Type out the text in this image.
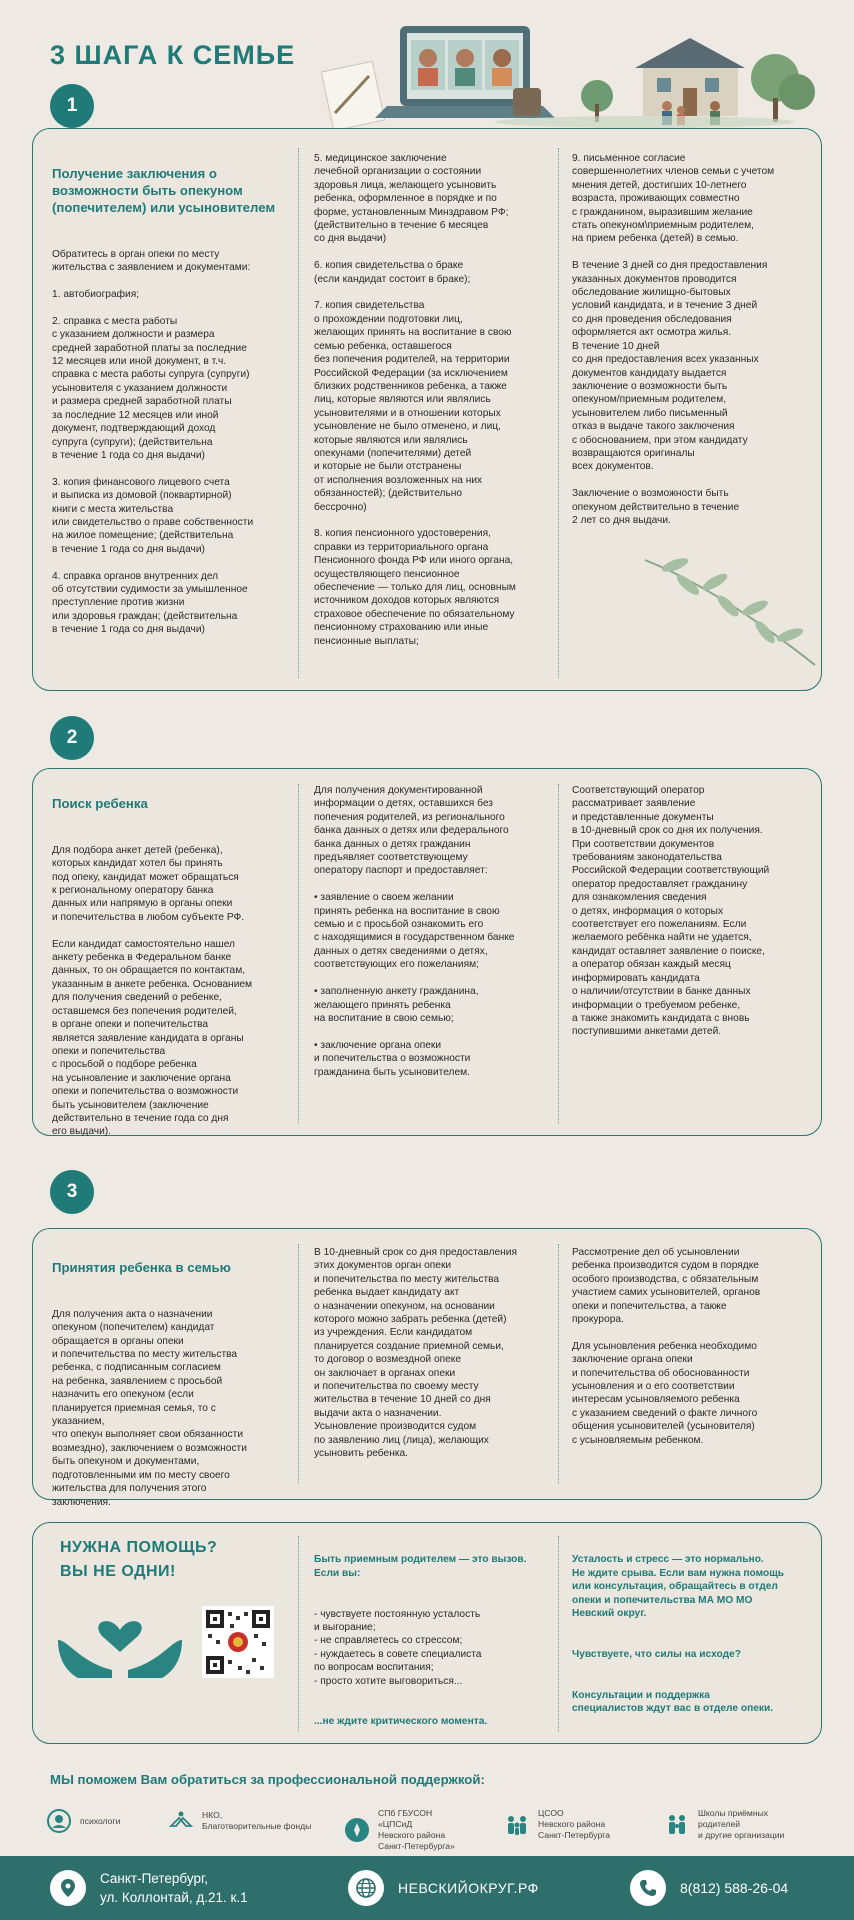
3 ШАГА К СЕМЬЕ
1

Получение заключения о возможности быть опекуном (попечителем) или усыновителем

Обратитесь в орган опеки по месту
жительства с заявлением и документами:

1. автобиография;

2. справка с места работы
с указанием должности и размера
средней заработной платы за последние
12 месяцев или иной документ, в т.ч.
справка с места работы супруга (супруги)
усыновителя с указанием должности
и размера средней заработной платы
за последние 12 месяцев или иной
документ, подтверждающий доход
супруга (супруги); (действительна
в течение 1 года со дня выдачи)

3. копия финансового лицевого счета
и выписка из домовой (поквартирной)
книги с места жительства
или свидетельство о праве собственности
на жилое помещение; (действительна
в течение 1 года со дня выдачи)

4. справка органов внутренних дел
об отсутствии судимости за умышленное
преступление против жизни
или здоровья граждан; (действительна
в течение 1 года со дня выдачи)

5. медицинское заключение
лечебной организации о состоянии
здоровья лица, желающего усыновить
ребенка, оформленное в порядке и по
форме, установленным Минздравом РФ;
(действительно в течение 6 месяцев
со дня выдачи)

6. копия свидетельства о браке
(если кандидат состоит в браке);

7. копия свидетельства
о прохождении подготовки лиц,
желающих принять на воспитание в свою
семью ребенка, оставшегося
без попечения родителей, на территории
Российской Федерации (за исключением
близких родственников ребенка, а также
лиц, которые являются или являлись
усыновителями и в отношении которых
усыновление не было отменено, и лиц,
которые являются или являлись
опекунами (попечителями) детей
и которые не были отстранены
от исполнения возложенных на них
обязанностей); (действительно
бессрочно)

8. копия пенсионного удостоверения,
справки из территориального органа
Пенсионного фонда РФ или иного органа,
осуществляющего пенсионное
обеспечение — только для лиц, основным
источником доходов которых являются
страховое обеспечение по обязательному
пенсионному страхованию или иные
пенсионные выплаты;
9. письменное согласие
совершеннолетних членов семьи с учетом
мнения детей, достигших 10-летнего
возраста, проживающих совместно
с гражданином, выразившим желание
стать опекуном\приемным родителем,
на прием ребенка (детей) в семью.

В течение 3 дней со дня предоставления
указанных документов проводится
обследование жилищно-бытовых
условий кандидата, и в течение 3 дней
со дня проведения обследования
оформляется акт осмотра жилья.
В течение 10 дней
со дня предоставления всех указанных
документов кандидату выдается
заключение о возможности быть
опекуном/приемным родителем,
усыновителем либо письменный
отказ в выдаче такого заключения
с обоснованием, при этом кандидату
возвращаются оригиналы
всех документов.

Заключение о возможности быть
опекуном действительно в течение
2 лет со дня выдачи.
2

Поиск ребенка

Для подбора анкет детей (ребенка),
которых кандидат хотел бы принять
под опеку, кандидат может обращаться
к региональному оператору банка
данных или напрямую в органы опеки
и попечительства в любом субъекте РФ.

Если кандидат самостоятельно нашел
анкету ребенка в Федеральном банке
данных, то он обращается по контактам,
указанным в анкете ребенка. Основанием
для получения сведений о ребенке,
оставшемся без попечения родителей,
в органе опеки и попечительства
является заявление кандидата в органы
опеки и попечительства
с просьбой о подборе ребенка
на усыновление и заключение органа
опеки и попечительства о возможности
быть усыновителем (заключение
действительно в течение года со дня
его выдачи).

Для получения документированной
информации о детях, оставшихся без
попечения родителей, из регионального
банка данных о детях или федерального
банка данных о детях гражданин
предъявляет соответствующему
оператору паспорт и предоставляет:

• заявление о своем желании
принять ребенка на воспитание в свою
семью и с просьбой ознакомить его
с находящимися в государственном банке
данных о детях сведениями о детях,
соответствующих его пожеланиям;

• заполненную анкету гражданина,
желающего принять ребенка
на воспитание в свою семью;

• заключение органа опеки
и попечительства о возможности
гражданина быть усыновителем.
Соответствующий оператор
рассматривает заявление
и представленные документы
в 10-дневный срок со дня их получения.
При соответствии документов
требованиям законодательства
Российской Федерации соответствующий
оператор предоставляет гражданину
для ознакомления сведения
о детях, информация о которых
соответствует его пожеланиям. Если
желаемого ребёнка найти не удается,
кандидат оставляет заявление о поиске,
а оператор обязан каждый месяц
информировать кандидата
о наличии/отсутствии в банке данных
информации о требуемом ребенке,
а также знакомить кандидата с вновь
поступившими анкетами детей.
3

Принятия ребенка в семью

Для получения акта о назначении
опекуном (попечителем) кандидат
обращается в органы опеки
и попечительства по месту жительства
ребенка, с подписанным согласием
на ребенка, заявлением с просьбой
назначить его опекуном (если
планируется приемная семья, то с
указанием,
что опекун выполняет свои обязанности
возмездно), заключением о возможности
быть опекуном и документами,
подготовленными им по месту своего
жительства для получения этого
заключения.

В 10-дневный срок со дня предоставления
этих документов орган опеки
и попечительства по месту жительства
ребенка выдает кандидату акт
о назначении опекуном, на основании
которого можно забрать ребенка (детей)
из учреждения. Если кандидатом
планируется создание приемной семьи,
то договор о возмездной опеке
он заключает в органах опеки
и попечительства по своему месту
жительства в течение 10 дней со дня
выдачи акта о назначении.
Усыновление производится судом
по заявлению лиц (лица), желающих
усыновить ребенка.
Рассмотрение дел об усыновлении
ребенка производится судом в порядке
особого производства, с обязательным
участием самих усыновителей, органов
опеки и попечительства, а также
прокурора.

Для усыновления ребенка необходимо
заключение органа опеки
и попечительства об обоснованности
усыновления и о его соответствии
интересам усыновляемого ребенка
с указанием сведений о факте личного
общения усыновителей (усыновителя)
с усыновляемым ребенком.
НУЖНА ПОМОЩЬ?
ВЫ НЕ ОДНИ!

Быть приемным родителем — это вызов.
Если вы:

- чувствуете постоянную усталость
и выгорание;
- не справляетесь со стрессом;
- нуждаетесь в совете специалиста
по вопросам воспитания;
- просто хотите выговориться...

...не ждите критического момента.

Усталость и стресс — это нормально.
Не ждите срыва. Если вам нужна помощь
или консультация, обращайтесь в отдел
опеки и попечительства МА МО МО
Невский округ.

Чувствуете, что силы на исходе?

Консультации и поддержка
специалистов ждут вас в отделе опеки.

МЫ поможем Вам обратиться за профессиональной поддержкой:
психологи
НКО,
Благотворительные фонды
СПб ГБУСОН
«ЦПСиД
Невского района
Санкт-Петербурга»
ЦСОО
Невского района
Санкт-Петербурга
Школы приёмных
родителей
и другие организации
Санкт-Петербург,
ул. Коллонтай, д.21. к.1
НЕВСКИЙОКРУГ.РФ	8(812) 588-26-04
